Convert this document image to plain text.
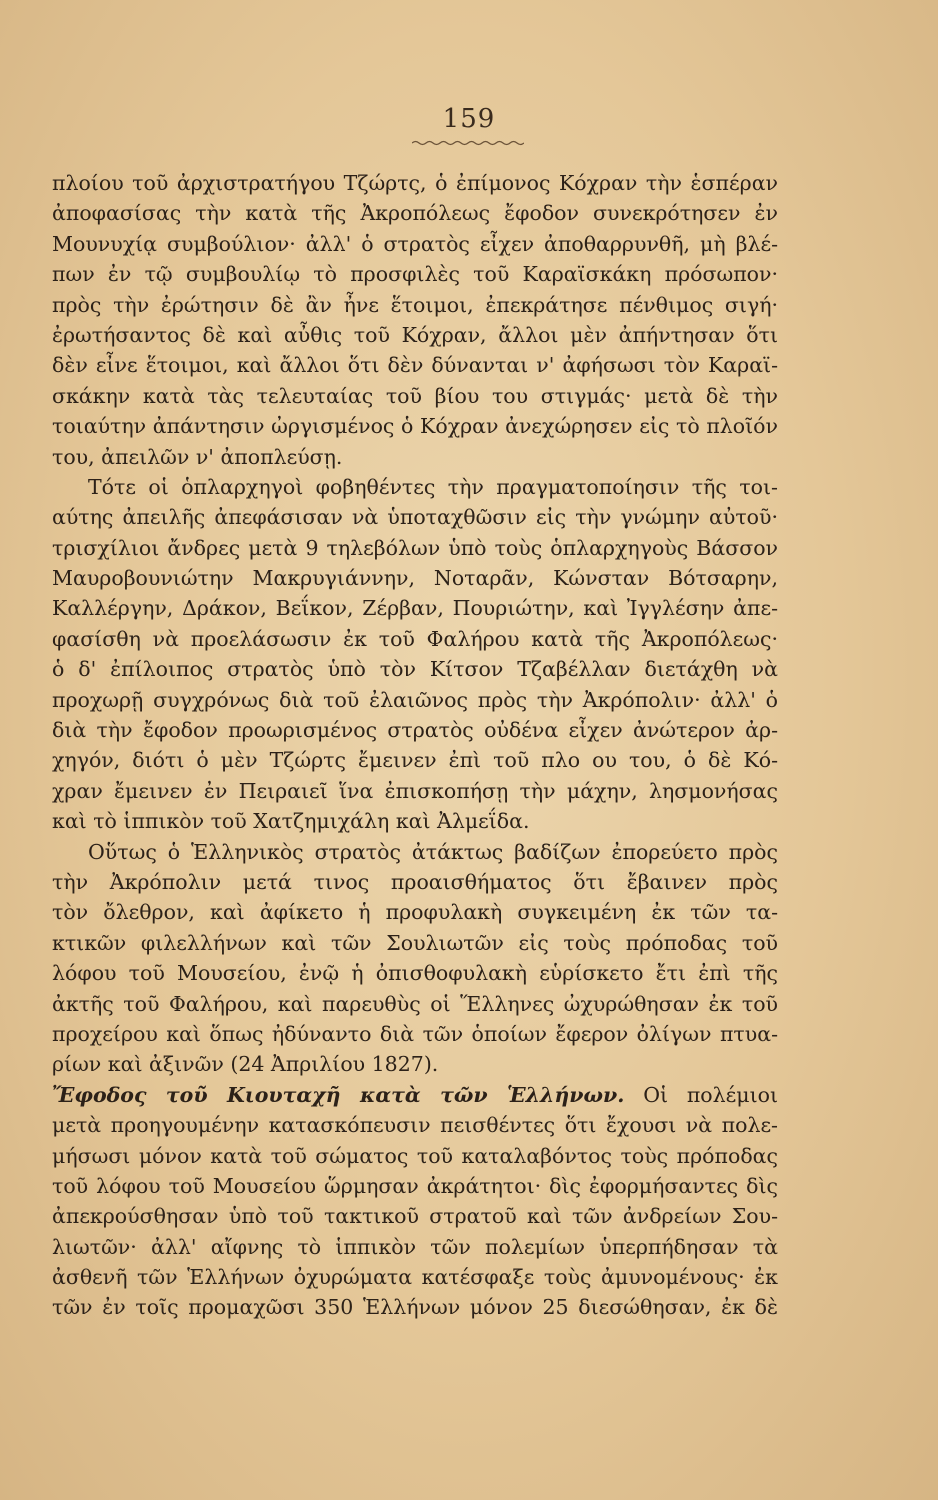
159
πλοίου τοῦ ἀρχιστρατήγου Τζώρτς, ὁ ἐπίμονος Κόχραν τὴν ἑσπέραν
ἀποφασίσας τὴν κατὰ τῆς Ἀκροπόλεως ἔφοδον συνεκρότησεν ἐν
Μουνυχίᾳ συμβούλιον· ἀλλ' ὁ στρατὸς εἶχεν ἀποθαρρυνθῆ, μὴ βλέ-
πων ἐν τῷ συμβουλίῳ τὸ προσφιλὲς τοῦ Καραϊσκάκη πρόσωπον·
πρὸς τὴν ἐρώτησιν δὲ ἂν ἦνε ἕτοιμοι, ἐπεκράτησε πένθιμος σιγή·
ἐρωτήσαντος δὲ καὶ αὖθις τοῦ Κόχραν, ἄλλοι μὲν ἀπήντησαν ὅτι
δὲν εἶνε ἕτοιμοι, καὶ ἄλλοι ὅτι δὲν δύνανται ν' ἀφήσωσι τὸν Καραϊ-
σκάκην κατὰ τὰς τελευταίας τοῦ βίου του στιγμάς· μετὰ δὲ τὴν
τοιαύτην ἀπάντησιν ὠργισμένος ὁ Κόχραν ἀνεχώρησεν εἰς τὸ πλοῖόν
του, ἀπειλῶν ν' ἀποπλεύσῃ.
Τότε οἱ ὁπλαρχηγοὶ φοβηθέντες τὴν πραγματοποίησιν τῆς τοι-
αύτης ἀπειλῆς ἀπεφάσισαν νὰ ὑποταχθῶσιν εἰς τὴν γνώμην αὐτοῦ·
τρισχίλιοι ἄνδρες μετὰ 9 τηλεβόλων ὑπὸ τοὺς ὁπλαρχηγοὺς Βάσσον
Μαυροβουνιώτην Μακρυγιάννην, Νοταρᾶν, Κώνσταν Βότσαρην,
Καλλέργην, Δράκον, Βεΐκον, Ζέρβαν, Πουριώτην, καὶ Ἰγγλέσην ἀπε-
φασίσθη νὰ προελάσωσιν ἐκ τοῦ Φαλήρου κατὰ τῆς Ἀκροπόλεως·
ὁ δ' ἐπίλοιπος στρατὸς ὑπὸ τὸν Κίτσον Τζαβέλλαν διετάχθη νὰ
προχωρῇ συγχρόνως διὰ τοῦ ἐλαιῶνος πρὸς τὴν Ἀκρόπολιν· ἀλλ' ὁ
διὰ τὴν ἔφοδον προωρισμένος στρατὸς οὐδένα εἶχεν ἀνώτερον ἀρ-
χηγόν, διότι ὁ μὲν Τζώρτς ἔμεινεν ἐπὶ τοῦ πλο ου του, ὁ δὲ Κό-
χραν ἔμεινεν ἐν Πειραιεῖ ἵνα ἐπισκοπήσῃ τὴν μάχην, λησμονήσας
καὶ τὸ ἱππικὸν τοῦ Χατζημιχάλη καὶ Ἀλμεΐδα.
Οὕτως ὁ Ἑλληνικὸς στρατὸς ἀτάκτως βαδίζων ἐπορεύετο πρὸς
τὴν Ἀκρόπολιν μετά τινος προαισθήματος ὅτι ἔβαινεν πρὸς
τὸν ὄλεθρον, καὶ ἀφίκετο ἡ προφυλακὴ συγκειμένη ἐκ τῶν τα-
κτικῶν φιλελλήνων καὶ τῶν Σουλιωτῶν εἰς τοὺς πρόποδας τοῦ
λόφου τοῦ Μουσείου, ἐνῷ ἡ ὀπισθοφυλακὴ εὑρίσκετο ἔτι ἐπὶ τῆς
ἀκτῆς τοῦ Φαλήρου, καὶ παρευθὺς οἱ Ἕλληνες ὠχυρώθησαν ἐκ τοῦ
προχείρου καὶ ὅπως ἠδύναντο διὰ τῶν ὁποίων ἔφερον ὀλίγων πτυα-
ρίων καὶ ἀξινῶν (24 Ἀπριλίου 1827).
Ἔφοδος τοῦ Κιουταχῆ κατὰ τῶν Ἑλλήνων. Οἱ πολέμιοι
μετὰ προηγουμένην κατασκόπευσιν πεισθέντες ὅτι ἔχουσι νὰ πολε-
μήσωσι μόνον κατὰ τοῦ σώματος τοῦ καταλαβόντος τοὺς πρόποδας
τοῦ λόφου τοῦ Μουσείου ὥρμησαν ἀκράτητοι· δὶς ἐφορμήσαντες δὶς
ἀπεκρούσθησαν ὑπὸ τοῦ τακτικοῦ στρατοῦ καὶ τῶν ἀνδρείων Σου-
λιωτῶν· ἀλλ' αἴφνης τὸ ἱππικὸν τῶν πολεμίων ὑπερπήδησαν τὰ
ἀσθενῆ τῶν Ἑλλήνων ὀχυρώματα κατέσφαξε τοὺς ἀμυνομένους· ἐκ
τῶν ἐν τοῖς προμαχῶσι 350 Ἑλλήνων μόνον 25 διεσώθησαν, ἐκ δὲ
